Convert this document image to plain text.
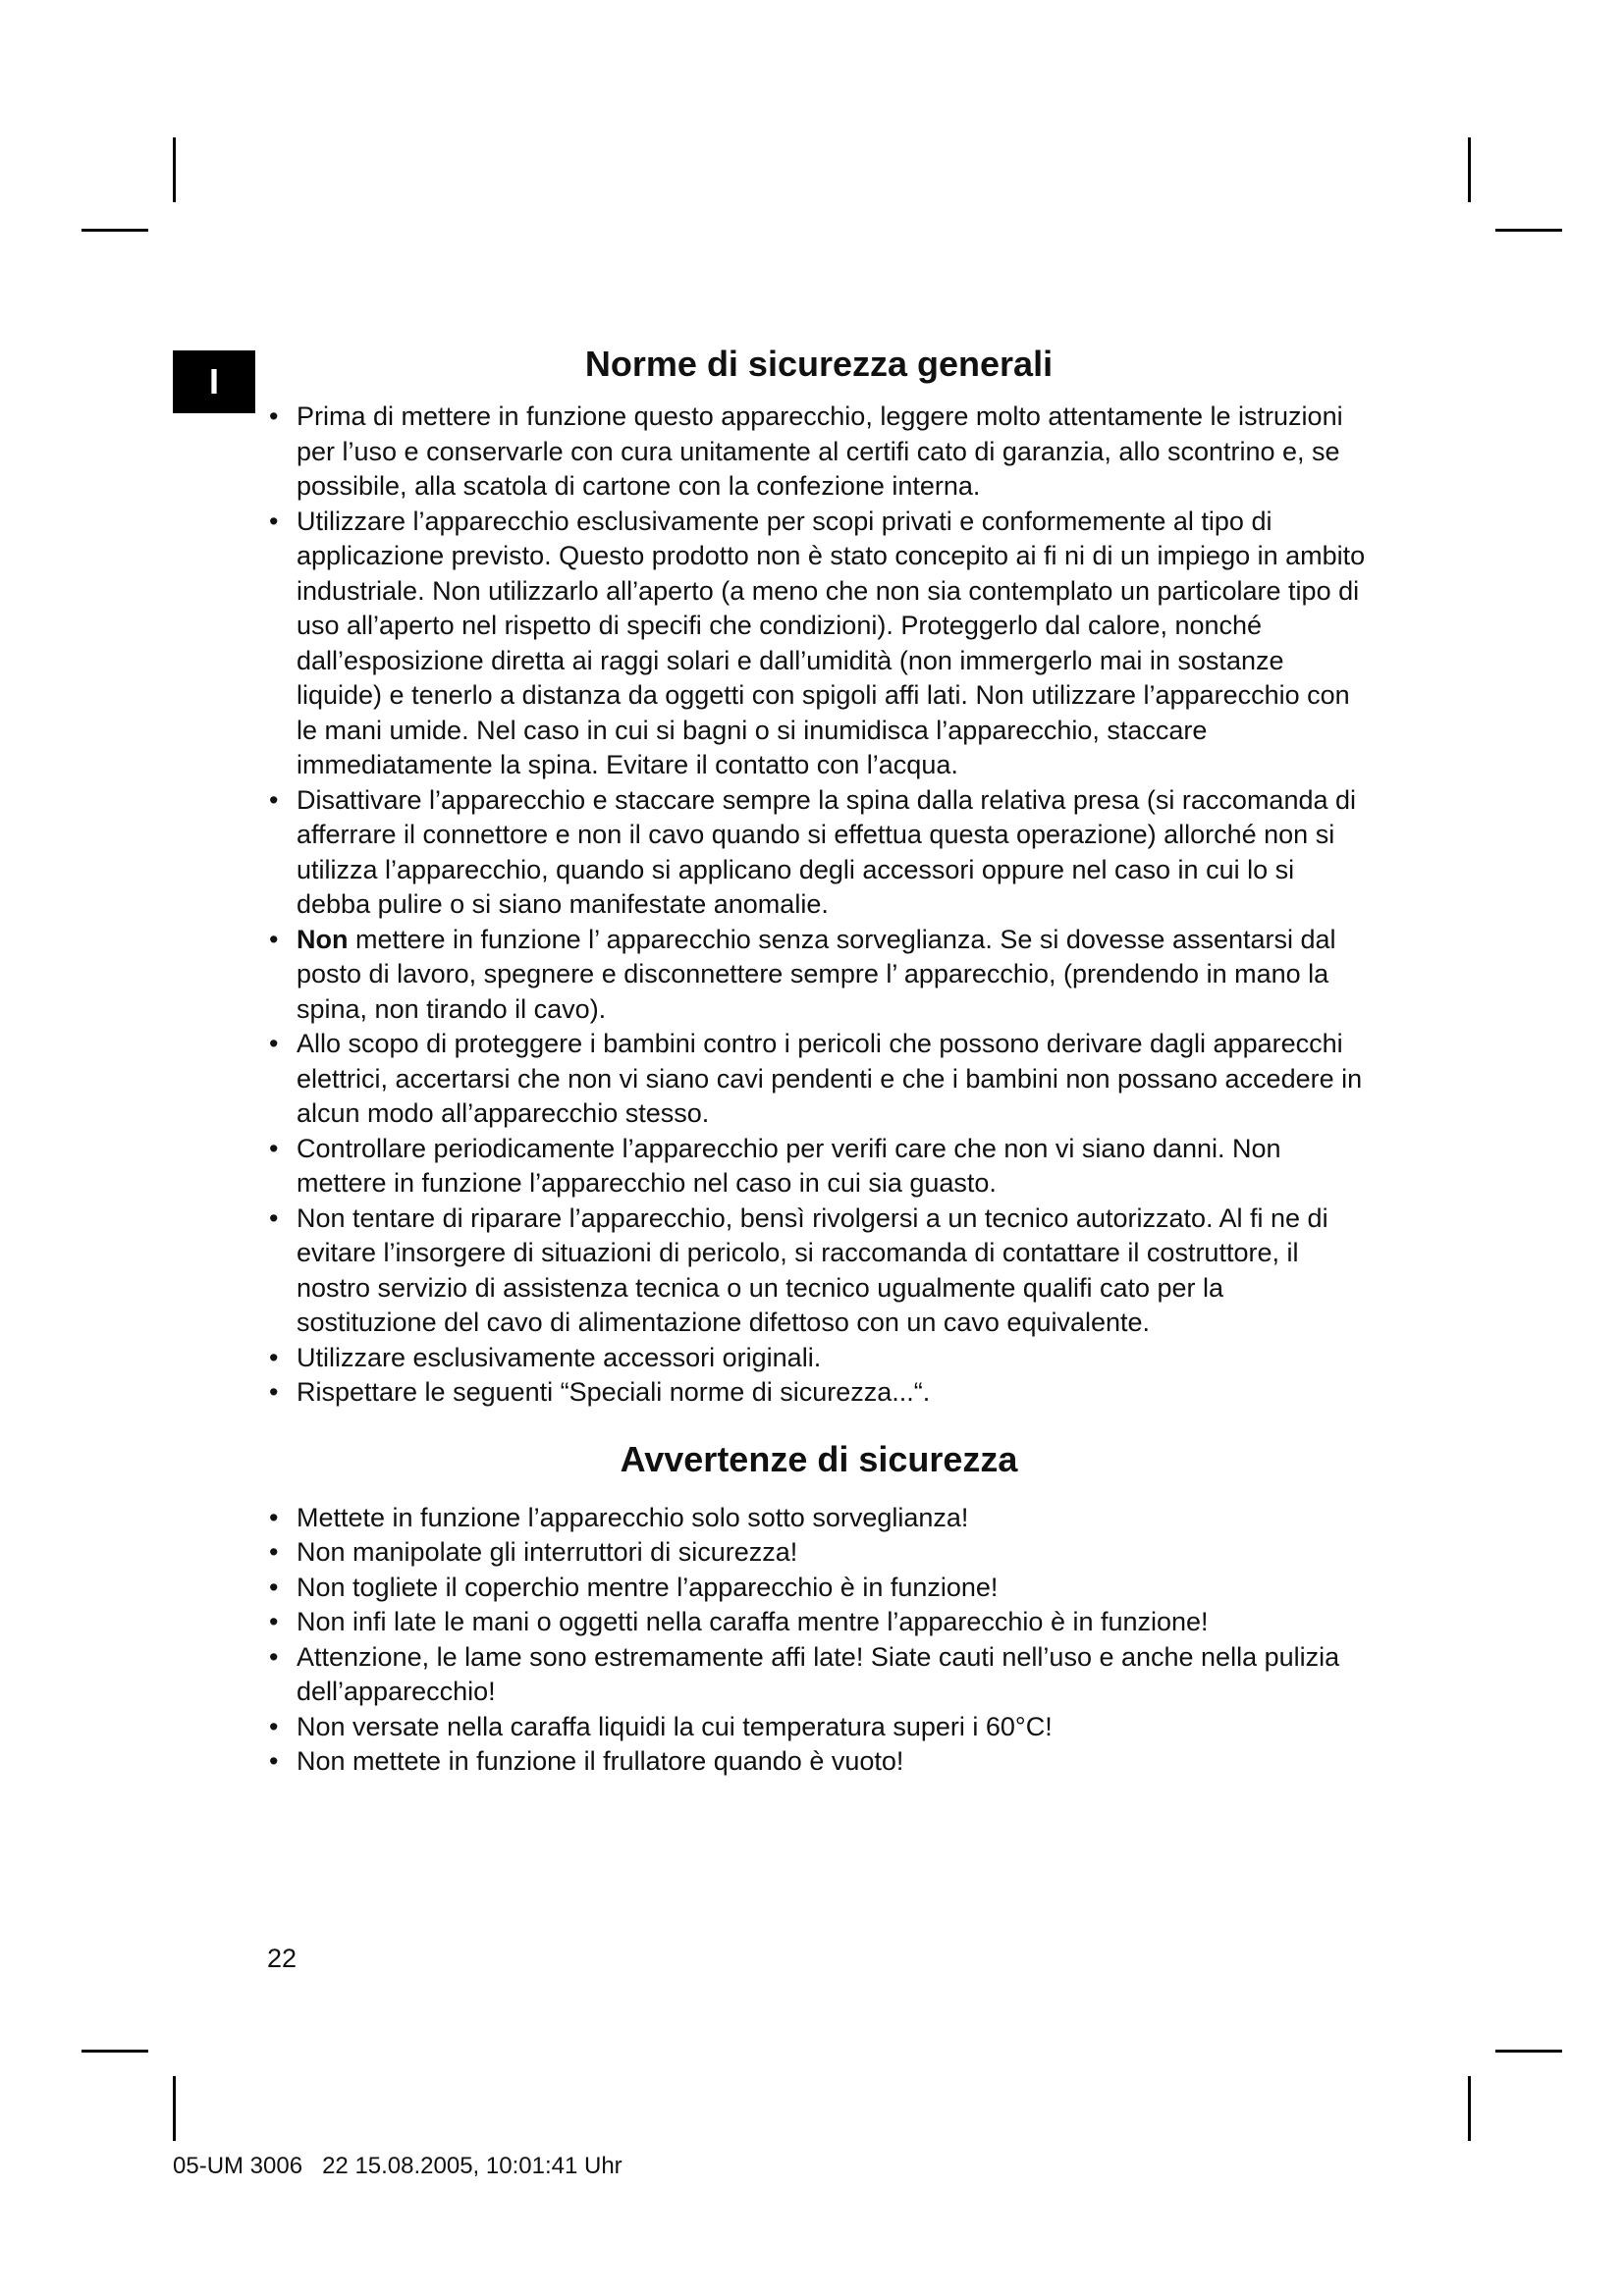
I	Norme di sicurezza generali
• Prima di mettere in funzione questo apparecchio, leggere molto attentamente le istruzioni per l’uso e conservarle con cura unitamente al certifi cato di garanzia, allo scontrino e, se possibile, alla scatola di cartone con la confezione interna.
• Utilizzare l’apparecchio esclusivamente per scopi privati e conformemente al tipo di applicazione previsto. Questo prodotto non è stato concepito ai fi ni di un impiego in ambito industriale. Non utilizzarlo all’aperto (a meno che non sia contemplato un particolare tipo di uso all’aperto nel rispetto di specifi che condizioni). Proteggerlo dal calore, nonché dall’esposizione diretta ai raggi solari e dall’umidità (non immergerlo mai in sostanze liquide) e tenerlo a distanza da oggetti con spigoli affi lati. Non utilizzare l’apparecchio con le mani umide. Nel caso in cui si bagni o si inumidisca l’apparecchio, staccare immediatamente la spina. Evitare il contatto con l’acqua.
• Disattivare l’apparecchio e staccare sempre la spina dalla relativa presa (si raccomanda di afferrare il connettore e non il cavo quando si effettua questa operazione) allorché non si utilizza l’apparecchio, quando si applicano degli accessori oppure nel caso in cui lo si debba pulire o si siano manifestate anomalie.
• Non mettere in funzione l’ apparecchio senza sorveglianza. Se si dovesse assentarsi dal posto di lavoro, spegnere e disconnettere sempre l’ apparecchio, (prendendo in mano la spina, non tirando il cavo).
• Allo scopo di proteggere i bambini contro i pericoli che possono derivare dagli apparecchi elettrici, accertarsi che non vi siano cavi pendenti e che i bambini non possano accedere in alcun modo all’apparecchio stesso.
• Controllare periodicamente l’apparecchio per verifi care che non vi siano danni. Non mettere in funzione l’apparecchio nel caso in cui sia guasto.
• Non tentare di riparare l’apparecchio, bensì rivolgersi a un tecnico autorizzato. Al fi ne di evitare l’insorgere di situazioni di pericolo, si raccomanda di contattare il costruttore, il nostro servizio di assistenza tecnica o un tecnico ugualmente qualifi cato per la sostituzione del cavo di alimentazione difettoso con un cavo equivalente.
• Utilizzare esclusivamente accessori originali.
• Rispettare le seguenti “Speciali norme di sicurezza...“.
Avvertenze di sicurezza
• Mettete in funzione l’apparecchio solo sotto sorveglianza!
• Non manipolate gli interruttori di sicurezza!
• Non togliete il coperchio mentre l’apparecchio è in funzione!
• Non infi late le mani o oggetti nella caraffa mentre l’apparecchio è in funzione!
• Attenzione, le lame sono estremamente affi late! Siate cauti nell’uso e anche nella pulizia dell’apparecchio!
• Non versate nella caraffa liquidi la cui temperatura superi i 60°C!
• Non mettete in funzione il frullatore quando è vuoto!
22
05-UM 3006   22 15.08.2005, 10:01:41 Uhr
